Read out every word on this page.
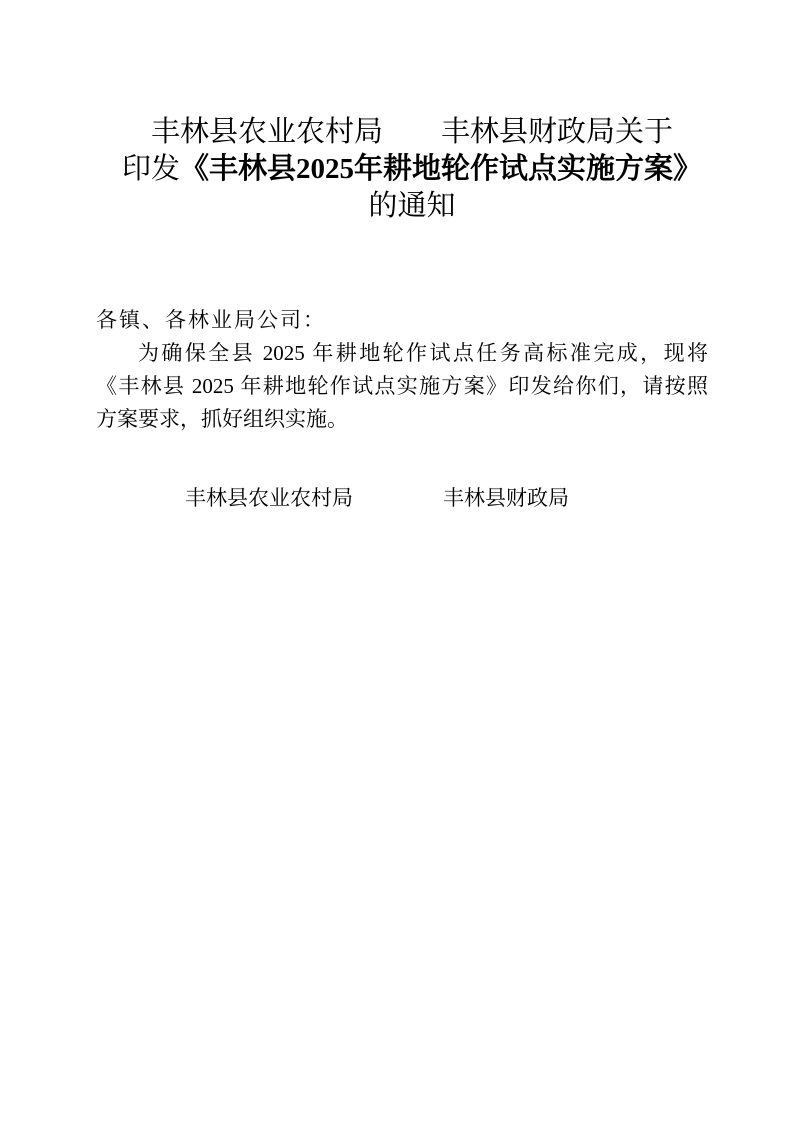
丰林县农业农村局　　丰林县财政局关于
印发《丰林县2025年耕地轮作试点实施方案》
的通知
各镇、各林业局公司：

为确保全县 2025 年耕地轮作试点任务高标准完成，现将

《丰林县 2025 年耕地轮作试点实施方案》印发给你们，请按照

方案要求，抓好组织实施。

丰林县农业农村局	丰林县财政局
